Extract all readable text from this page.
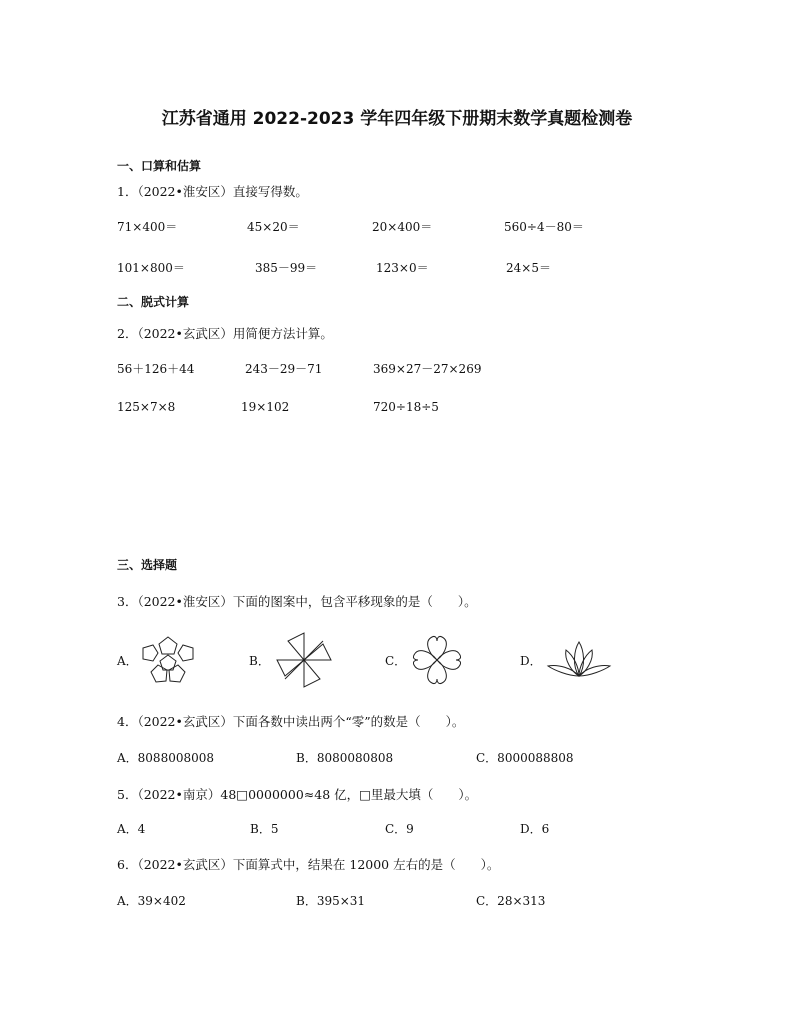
江苏省通用 2022-2023 学年四年级下册期末数学真题检测卷
一、口算和估算
1．（2022•淮安区）直接写得数。
71×400＝	45×20＝	20×400＝	560÷4－80＝
101×800＝	385－99＝	123×0＝	24×5＝
二、脱式计算
2．（2022•玄武区）用简便方法计算。
56＋126＋44	243－29－71	369×27－27×269
125×7×8	19×102	720÷18÷5
三、选择题
3．（2022•淮安区）下面的图案中，包含平移现象的是（　　）。
A．	B．	C．	D．
4．（2022•玄武区）下面各数中读出两个“零”的数是（　　）。
A．8088008008	B．8080080808	C．8000088808
5．（2022•南京）48□0000000≈48 亿，□里最大填（　　）。
A．4	B．5	C．9	D．6
6．（2022•玄武区）下面算式中，结果在 12000 左右的是（　　）。
A．39×402	B．395×31	C．28×313
